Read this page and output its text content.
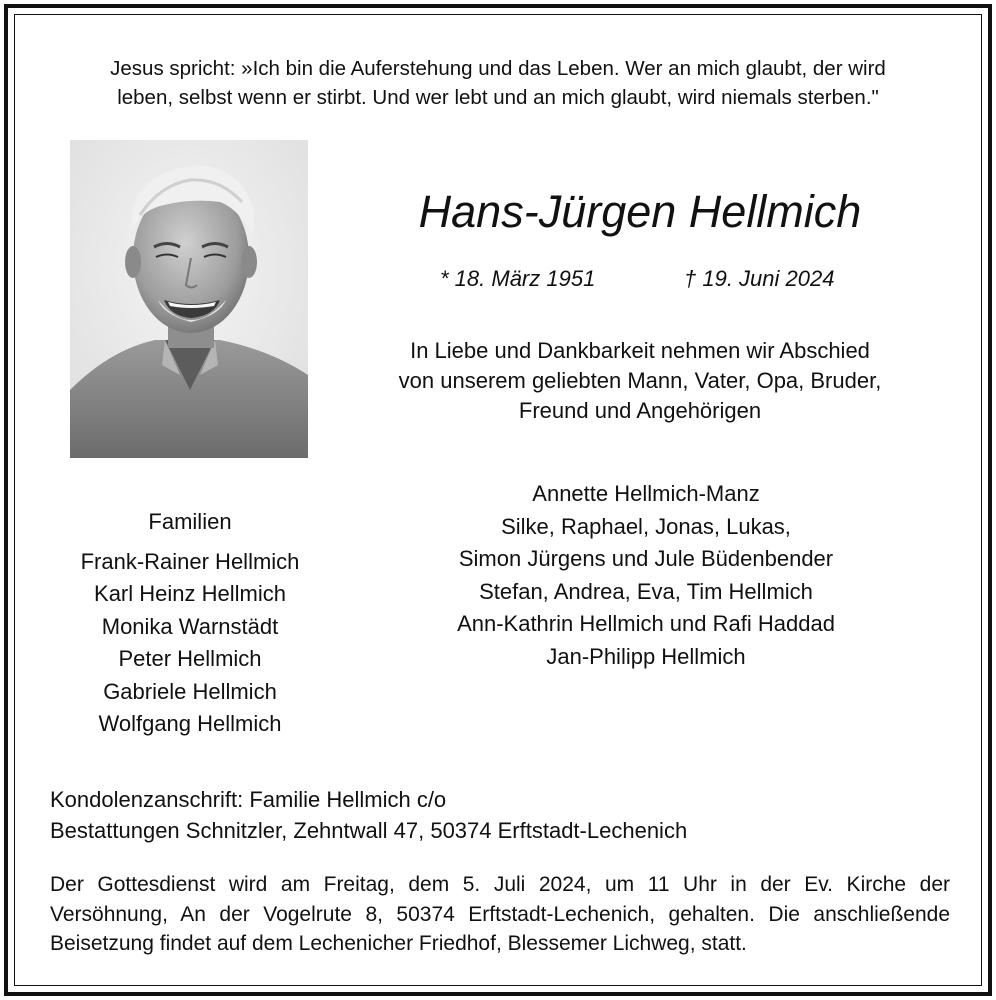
Jesus spricht: »Ich bin die Auferstehung und das Leben. Wer an mich glaubt, der wird
leben, selbst wenn er stirbt. Und wer lebt und an mich glaubt, wird niemals sterben."
Hans-Jürgen Hellmich
* 18. März 1951	† 19. Juni 2024
In Liebe und Dankbarkeit nehmen wir Abschied
von unserem geliebten Mann, Vater, Opa, Bruder,
Freund und Angehörigen
Familien
Frank-Rainer Hellmich
Karl Heinz Hellmich
Monika Warnstädt
Peter Hellmich
Gabriele Hellmich
Wolfgang Hellmich
Annette Hellmich-Manz
Silke, Raphael, Jonas, Lukas,
Simon Jürgens und Jule Büdenbender
Stefan, Andrea, Eva, Tim Hellmich
Ann-Kathrin Hellmich und Rafi Haddad
Jan-Philipp Hellmich
Kondolenzanschrift: Familie Hellmich c/o
Bestattungen Schnitzler, Zehntwall 47, 50374 Erftstadt-Lechenich
Der Gottesdienst wird am Freitag, dem 5. Juli 2024, um 11 Uhr in der Ev. Kirche der
Versöhnung, An der Vogelrute 8, 50374 Erftstadt-Lechenich, gehalten. Die anschließende
Beisetzung findet auf dem Lechenicher Friedhof, Blessemer Lichweg, statt.
